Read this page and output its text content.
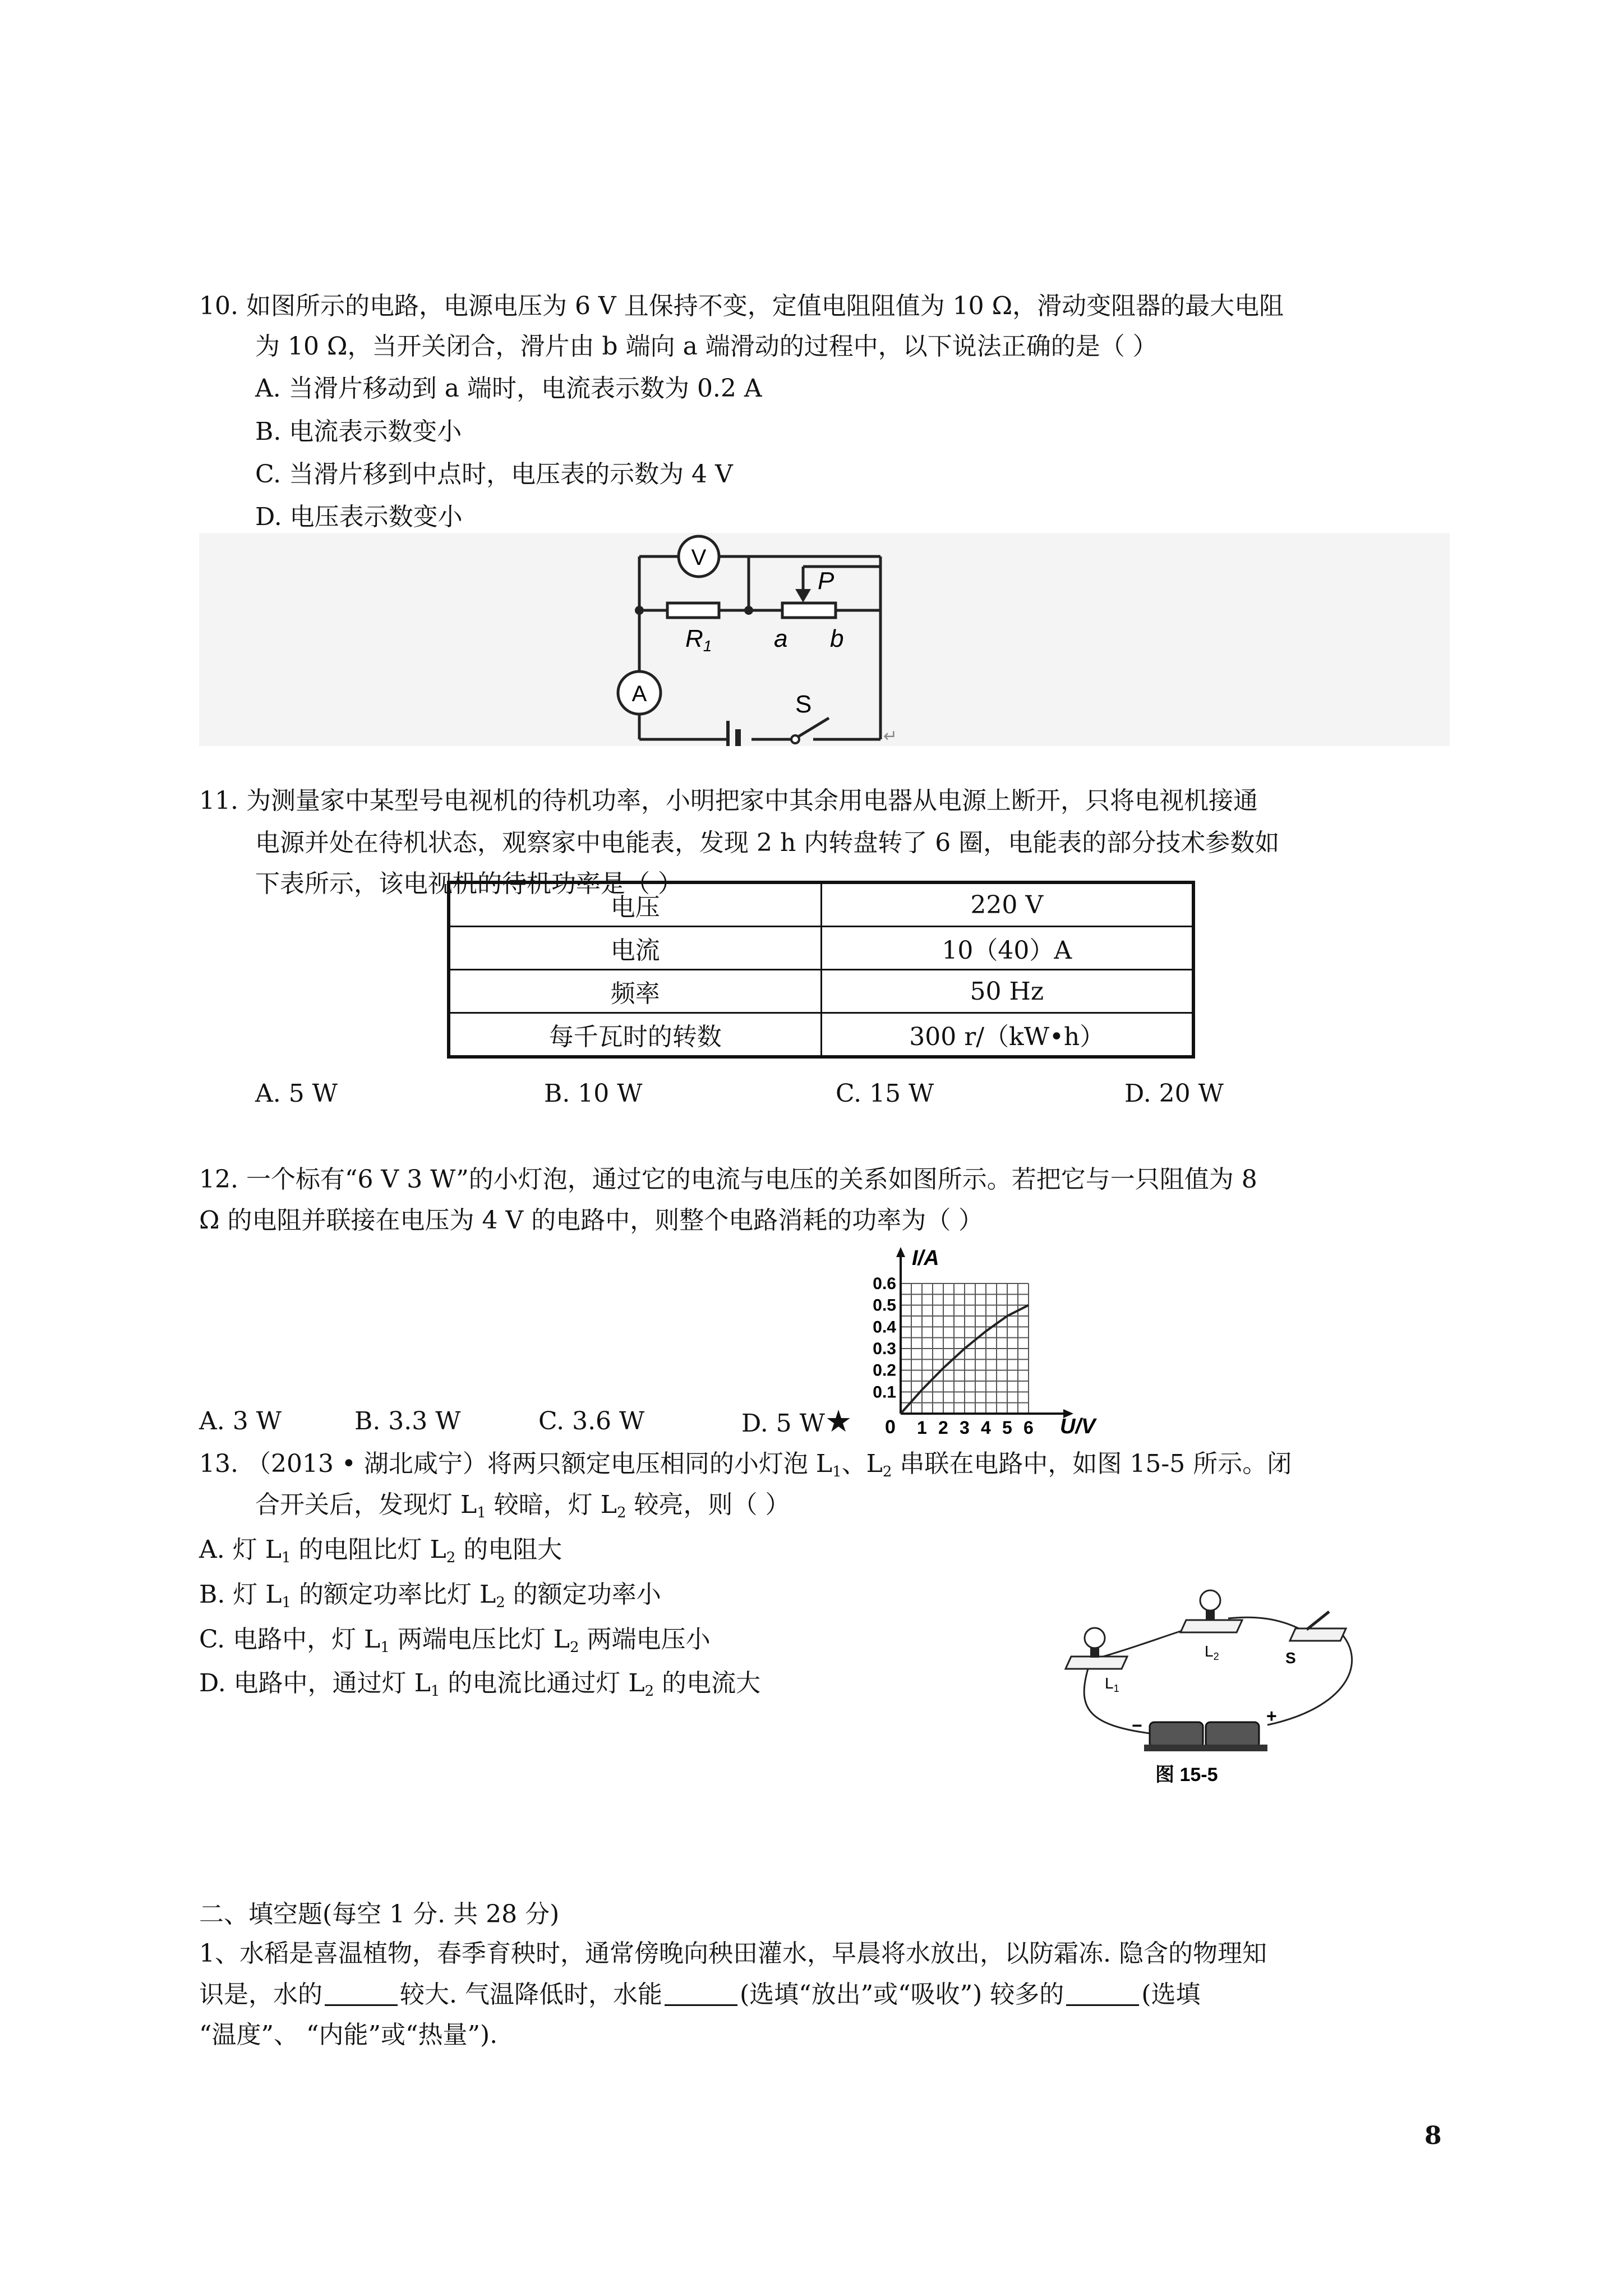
10. 如图所示的电路，电源电压为 6 V 且保持不变，定值电阻阻值为 10 Ω，滑动变阻器的最大电阻
为 10 Ω，当开关闭合，滑片由 b 端向 a 端滑动的过程中，以下说法正确的是（ ）
A. 当滑片移动到 a 端时，电流表示数为 0.2 A
B. 电流表示数变小
C. 当滑片移到中点时，电压表的示数为 4 V
D. 电压表示数变小
V
R1
P
a b
A	S
↵
11. 为测量家中某型号电视机的待机功率，小明把家中其余用电器从电源上断开，只将电视机接通
电源并处在待机状态，观察家中电能表，发现 2 h 内转盘转了 6 圈，电能表的部分技术参数如
下表所示，该电视机的待机功率是（ ）
电压	220 V
电流	10（40）A
频率	50 Hz
每千瓦时的转数	300 r/（kW•h）
A. 5 W	B. 10 W	C. 15 W	D. 20 W
12. 一个标有“6 V 3 W”的小灯泡，通过它的电流与电压的关系如图所示。若把它与一只阻值为 8
Ω 的电阻并联接在电压为 4 V 的电路中，则整个电路消耗的功率为（ ）
1 2 3 4 5 6
0.1
0.2
0.3
0.4
0.5
0.6
I/A
U/V
0
A. 3 W	B. 3.3 W	C. 3.6 W	D. 5 W★
13. （2013 • 湖北咸宁）将两只额定电压相同的小灯泡 $L_1$、$L_2$ 串联在电路中，如图 15-5 所示。闭
合开关后，发现灯 $L_1$ 较暗，灯 $L_2$ 较亮，则（ ）
A. 灯 $L_1$ 的电阻比灯 $L_2$ 的电阻大
B. 灯 $L_1$ 的额定功率比灯 $L_2$ 的额定功率小
C. 电路中，灯 $L_1$ 两端电压比灯 $L_2$ 两端电压小
D. 电路中，通过灯 $L_1$ 的电流比通过灯 $L_2$ 的电流大	$L_1$
$L_2$	S
−	+
图 15-5
二、填空题(每空 1 分. 共 28 分)
1、水稻是喜温植物，春季育秧时，通常傍晚向秧田灌水，早晨将水放出，以防霜冻. 隐含的物理知
识是，水的	较大. 气温降低时，水能	(选填“放出”或“吸收”) 较多的	(选填
“温度”、 “内能”或“热量”).
8
